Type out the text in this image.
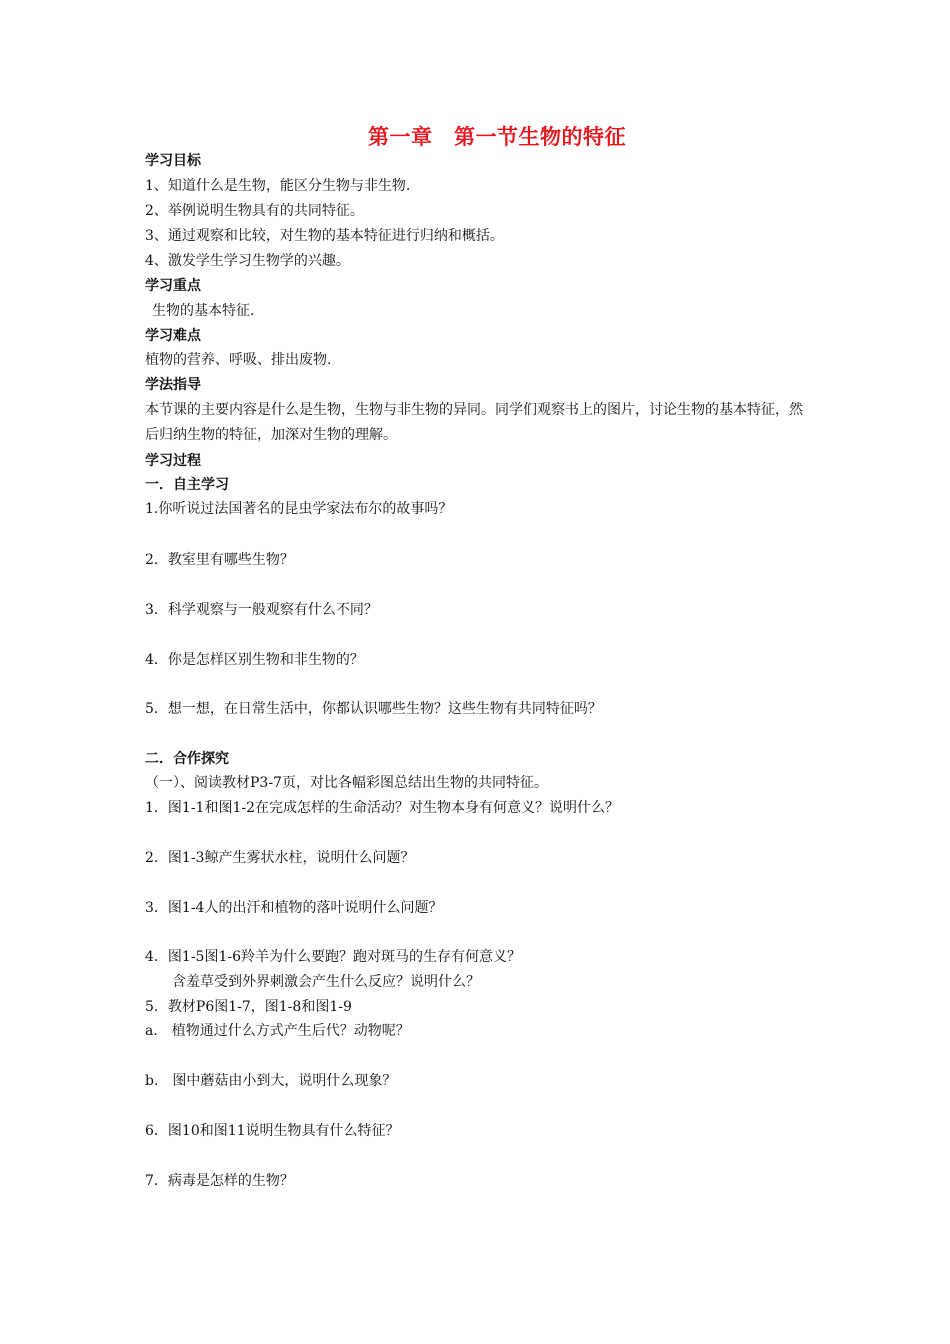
第一章　第一节生物的特征
学习目标
1、知道什么是生物，能区分生物与非生物.
2、举例说明生物具有的共同特征。
3、通过观察和比较，对生物的基本特征进行归纳和概括。
4、激发学生学习生物学的兴趣。
学习重点
生物的基本特征.
学习难点
植物的营养、呼吸、排出废物.
学法指导
本节课的主要内容是什么是生物，生物与非生物的异同。同学们观察书上的图片，讨论生物的基本特征，然后归纳生物的特征，加深对生物的理解。
学习过程
一．自主学习
1.你听说过法国著名的昆虫学家法布尔的故事吗？
2．教室里有哪些生物？
3．科学观察与一般观察有什么不同？
4．你是怎样区别生物和非生物的？
5．想一想，在日常生活中，你都认识哪些生物？这些生物有共同特征吗？
二．合作探究
（一）、阅读教材P3-7页，对比各幅彩图总结出生物的共同特征。
1．图1-1和图1-2在完成怎样的生命活动？对生物本身有何意义？说明什么？
2．图1-3鲸产生雾状水柱，说明什么问题？
3．图1-4人的出汗和植物的落叶说明什么问题？
4．图1-5图1-6羚羊为什么要跑？跑对斑马的生存有何意义？
含羞草受到外界刺激会产生什么反应？说明什么？
5．教材P6图1-7，图1-8和图1-9
a.　植物通过什么方式产生后代？动物呢？
b.　图中蘑菇由小到大，说明什么现象？
6．图10和图11说明生物具有什么特征？
7．病毒是怎样的生物？
